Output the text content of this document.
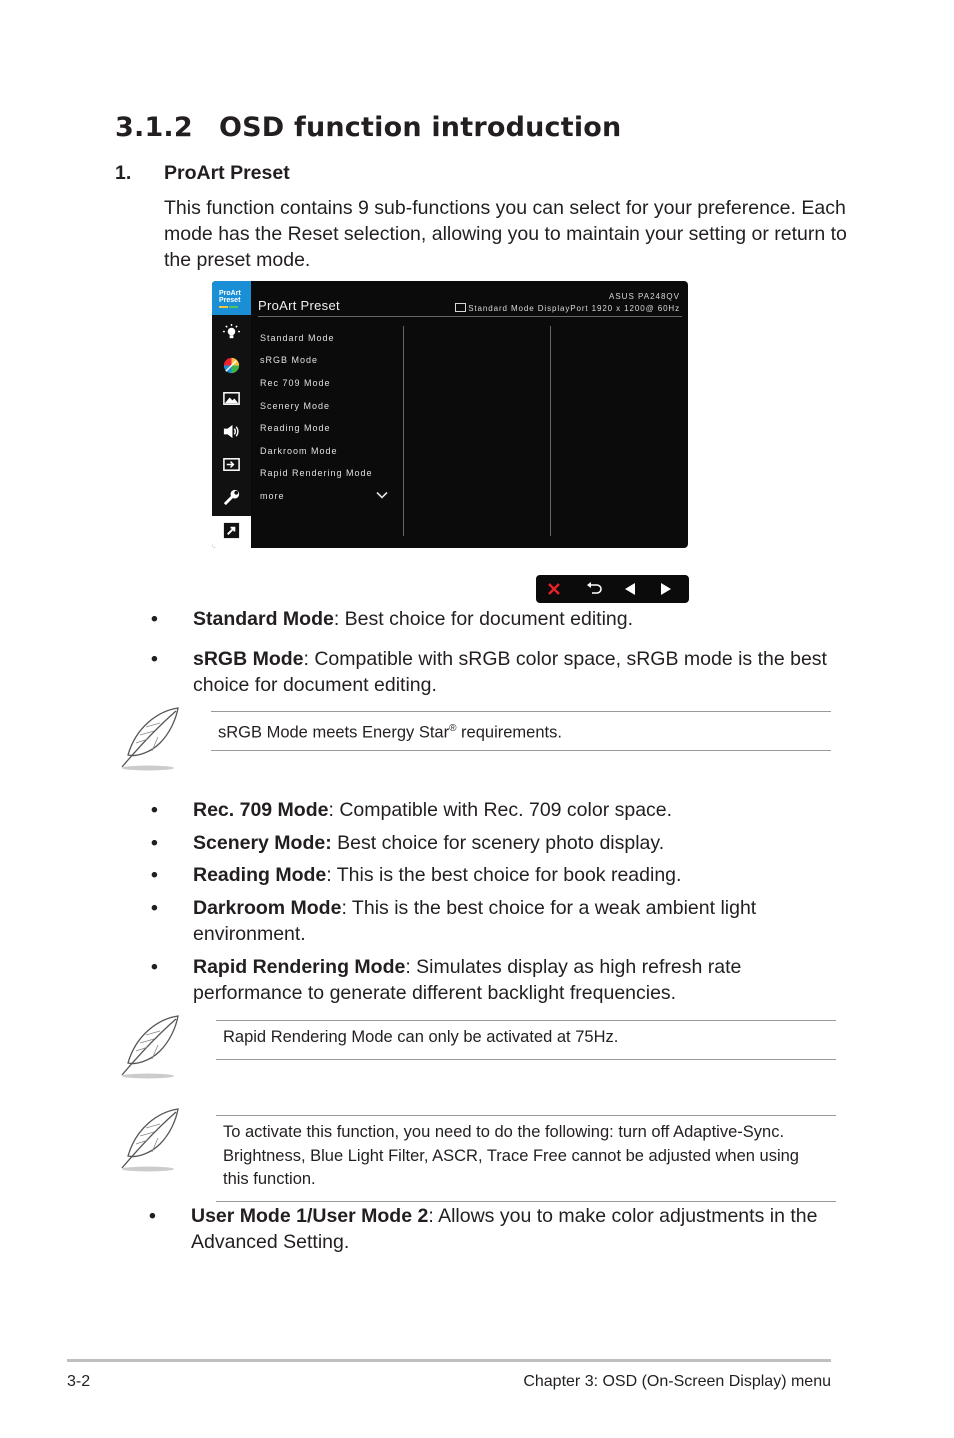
3.1.2 OSD function introduction
1. ProArt Preset
This function contains 9 sub-functions you can select for your preference. Each mode has the Reset selection, allowing you to maintain your setting or return to the preset mode.
ProArt
Preset ProArt Preset
ASUS PA248QV
Standard Mode DisplayPort 1920 x 1200@ 60Hz
Standard Mode
sRGB Mode
Rec 709 Mode
Scenery Mode
Reading Mode
Darkroom Mode
Rapid Rendering Mode
more
• Standard Mode: Best choice for document editing.
• sRGB Mode: Compatible with sRGB color space, sRGB mode is the best
choice for document editing.
sRGB Mode meets Energy Star® requirements.
• Rec. 709 Mode: Compatible with Rec. 709 color space.
• Scenery Mode: Best choice for scenery photo display.
• Reading Mode: This is the best choice for book reading.
• Darkroom Mode: This is the best choice for a weak ambient light
environment.
• Rapid Rendering Mode: Simulates display as high refresh rate
performance to generate different backlight frequencies.
Rapid Rendering Mode can only be activated at 75Hz.
To activate this function, you need to do the following: turn off Adaptive-Sync.
Brightness, Blue Light Filter, ASCR, Trace Free cannot be adjusted when using
this function.
• User Mode 1/User Mode 2: Allows you to make color adjustments in the
Advanced Setting.
3-2	Chapter 3: OSD (On-Screen Display) menu
